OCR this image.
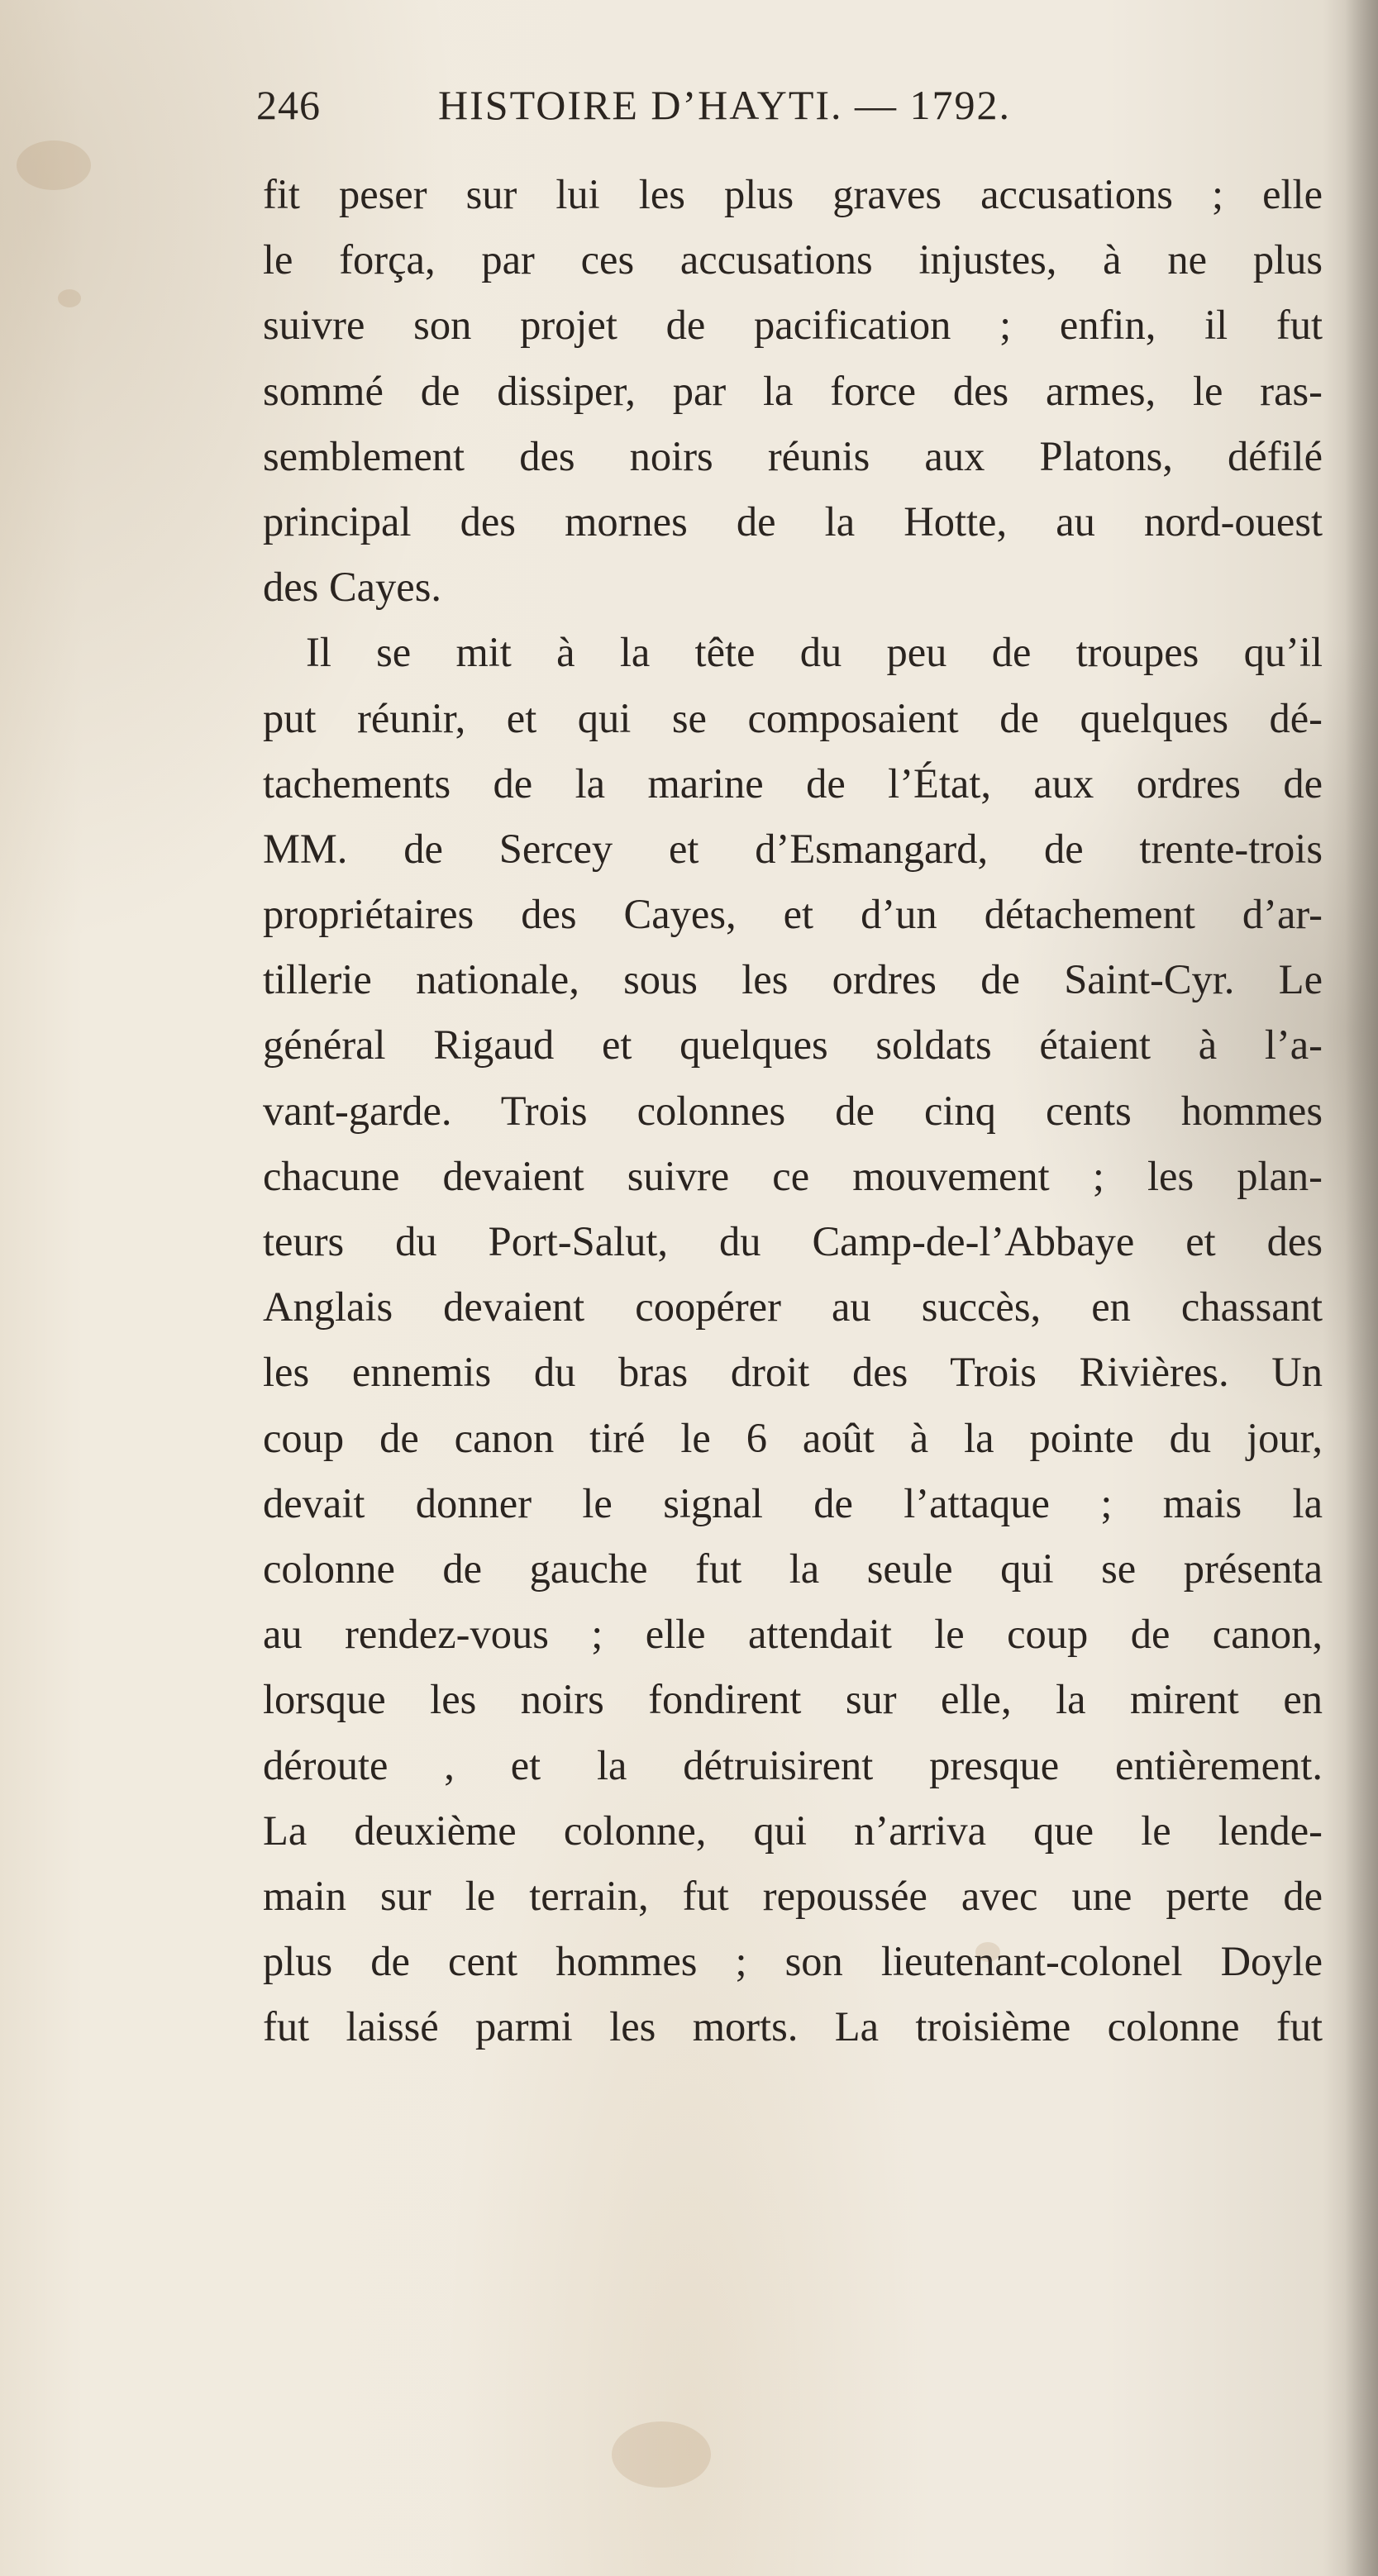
246	HISTOIRE D’HAYTI. — 1792.
fit peser sur lui les plus graves accusations ; elle
le força, par ces accusations injustes, à ne plus
suivre son projet de pacification ; enfin, il fut
sommé de dissiper, par la force des armes, le ras-
semblement des noirs réunis aux Platons, défilé
principal des mornes de la Hotte, au nord-ouest
des Cayes.
Il se mit à la tête du peu de troupes qu’il
put réunir, et qui se composaient de quelques dé-
tachements de la marine de l’État, aux ordres de
MM. de Sercey et d’Esmangard, de trente-trois
propriétaires des Cayes, et d’un détachement d’ar-
tillerie nationale, sous les ordres de Saint-Cyr. Le
général Rigaud et quelques soldats étaient à l’a-
vant-garde. Trois colonnes de cinq cents hommes
chacune devaient suivre ce mouvement ; les plan-
teurs du Port-Salut, du Camp-de-l’Abbaye et des
Anglais devaient coopérer au succès, en chassant
les ennemis du bras droit des Trois Rivières. Un
coup de canon tiré le 6 août à la pointe du jour,
devait donner le signal de l’attaque ; mais la
colonne de gauche fut la seule qui se présenta
au rendez-vous ; elle attendait le coup de canon,
lorsque les noirs fondirent sur elle, la mirent en
déroute , et la détruisirent presque entièrement.
La deuxième colonne, qui n’arriva que le lende-
main sur le terrain, fut repoussée avec une perte de
plus de cent hommes ; son lieutenant-colonel Doyle
fut laissé parmi les morts. La troisième colonne fut
